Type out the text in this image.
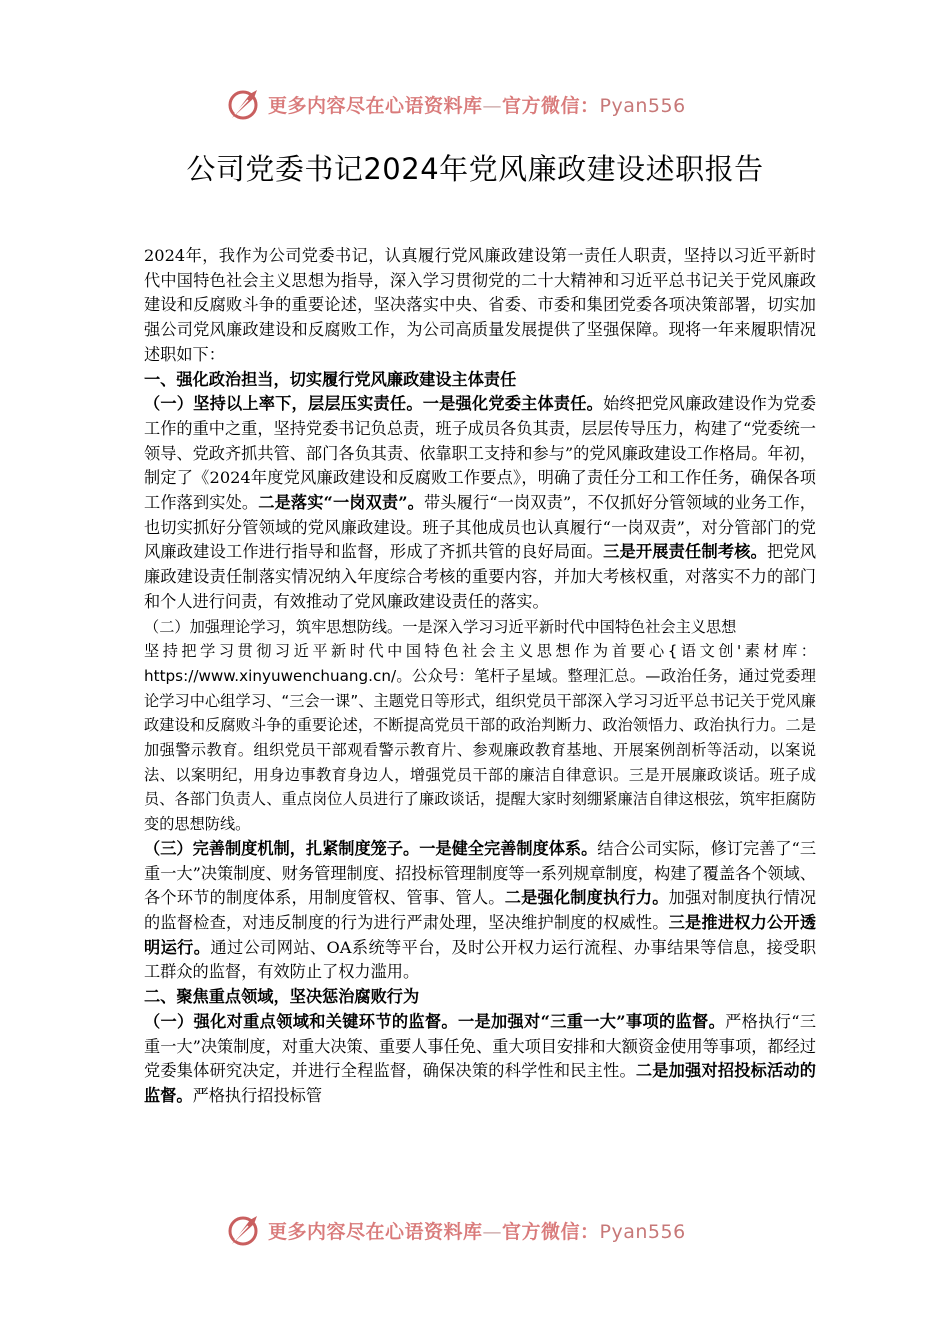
更多内容尽在心语资料库—官方微信：Pyan556
公司党委书记2024年党风廉政建设述职报告

2024年，我作为公司党委书记，认真履行党风廉政建设第一责任人职责，坚持以习近平新时代中国特色社会主义思想为指导，深入学习贯彻党的二十大精神和习近平总书记关于党风廉政建设和反腐败斗争的重要论述，坚决落实中央、省委、市委和集团党委各项决策部署，切实加强公司党风廉政建设和反腐败工作，为公司高质量发展提供了坚强保障。现将一年来履职情况述职如下：

一、强化政治担当，切实履行党风廉政建设主体责任

（一）坚持以上率下，层层压实责任。一是强化党委主体责任。始终把党风廉政建设作为党委工作的重中之重，坚持党委书记负总责，班子成员各负其责，层层传导压力，构建了“党委统一领导、党政齐抓共管、部门各负其责、依靠职工支持和参与”的党风廉政建设工作格局。年初，制定了《2024年度党风廉政建设和反腐败工作要点》，明确了责任分工和工作任务，确保各项工作落到实处。二是落实“一岗双责”。带头履行“一岗双责”，不仅抓好分管领域的业务工作，也切实抓好分管领域的党风廉政建设。班子其他成员也认真履行“一岗双责”，对分管部门的党风廉政建设工作进行指导和监督，形成了齐抓共管的良好局面。三是开展责任制考核。把党风廉政建设责任制落实情况纳入年度综合考核的重要内容，并加大考核权重，对落实不力的部门和个人进行问责，有效推动了党风廉政建设责任的落实。

（二）加强理论学习，筑牢思想防线。一是深入学习习近平新时代中国特色社会主义思想

坚持把学习贯彻习近平新时代中国特色社会主义思想作为首要心{语文创'素材库：https://www.xinyuwenchuang.cn/。公众号：笔杆子星域。整理汇总。—政治任务，通过党委理论学习中心组学习、“三会一课”、主题党日等形式，组织党员干部深入学习习近平总书记关于党风廉政建设和反腐败斗争的重要论述，不断提高党员干部的政治判断力、政治领悟力、政治执行力。二是加强警示教育。组织党员干部观看警示教育片、参观廉政教育基地、开展案例剖析等活动，以案说法、以案明纪，用身边事教育身边人，增强党员干部的廉洁自律意识。三是开展廉政谈话。班子成员、各部门负责人、重点岗位人员进行了廉政谈话，提醒大家时刻绷紧廉洁自律这根弦，筑牢拒腐防变的思想防线。

（三）完善制度机制，扎紧制度笼子。一是健全完善制度体系。结合公司实际，修订完善了“三重一大”决策制度、财务管理制度、招投标管理制度等一系列规章制度，构建了覆盖各个领域、各个环节的制度体系，用制度管权、管事、管人。二是强化制度执行力。加强对制度执行情况的监督检查，对违反制度的行为进行严肃处理，坚决维护制度的权威性。三是推进权力公开透明运行。通过公司网站、OA系统等平台，及时公开权力运行流程、办事结果等信息，接受职工群众的监督，有效防止了权力滥用。

二、聚焦重点领域，坚决惩治腐败行为

（一）强化对重点领域和关键环节的监督。一是加强对“三重一大”事项的监督。严格执行“三重一大”决策制度，对重大决策、重要人事任免、重大项目安排和大额资金使用等事项，都经过党委集体研究决定，并进行全程监督，确保决策的科学性和民主性。二是加强对招投标活动的监督。严格执行招投标管

更多内容尽在心语资料库—官方微信：Pyan556
